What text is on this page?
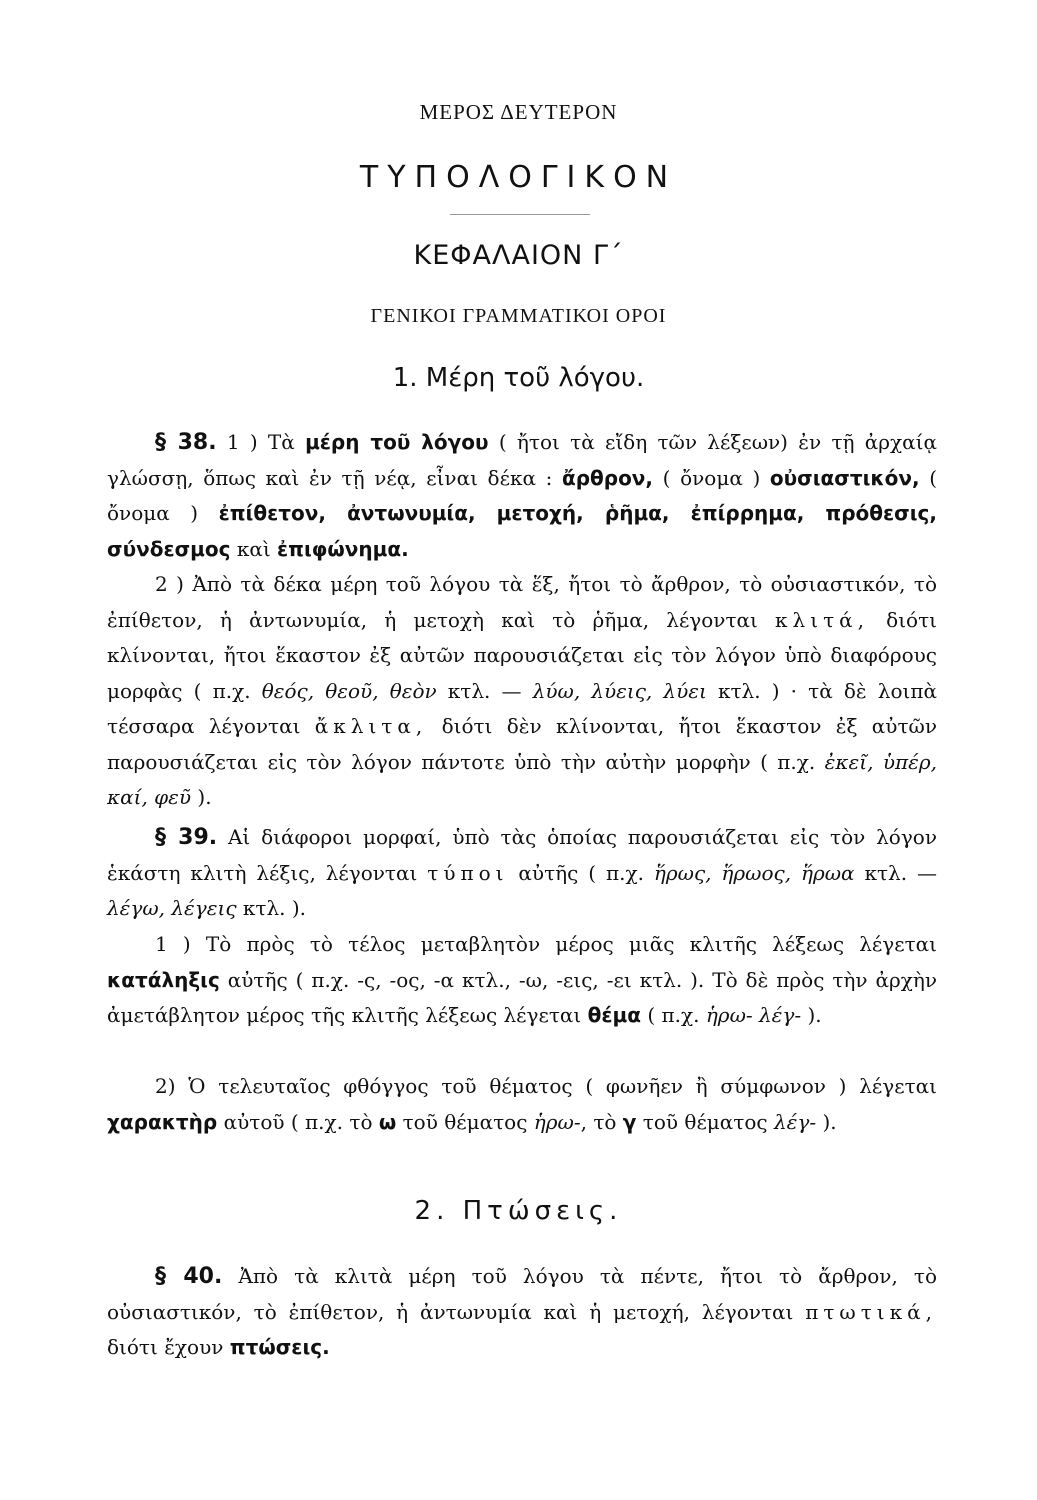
ΜΕΡΟΣ ΔΕΥΤΕΡΟΝ
ΤΥΠΟΛΟΓΙΚΟΝ
ΚΕΦΑΛΑΙΟΝ Γ΄
ΓΕΝΙΚΟΙ ΓΡΑΜΜΑΤΙΚΟΙ ΟΡΟΙ
1. Μέρη τοῦ λόγου.

§ 38. 1 ) Τὰ μέρη τοῦ λόγου ( ἤτοι τὰ εἴδη τῶν λέξεων) ἐν τῇ ἀρχαίᾳ γλώσσῃ, ὅπως καὶ ἐν τῇ νέᾳ, εἶναι δέκα : ἄρθρον, ( ὄνομα ) οὐσιαστικόν, ( ὄνομα ) ἐπίθετον, ἀντωνυμία, μετοχή, ῥῆμα, ἐπίρρημα, πρόθεσις, σύνδεσμος καὶ ἐπιφώνημα.

2 ) Ἀπὸ τὰ δέκα μέρη τοῦ λόγου τὰ ἕξ, ἤτοι τὸ ἄρθρον, τὸ οὐσιαστικόν, τὸ ἐπίθετον, ἡ ἀντωνυμία, ἡ μετοχὴ καὶ τὸ ῥῆμα, λέγονται κλιτά, διότι κλίνονται, ἤτοι ἕκαστον ἐξ αὐτῶν παρουσιάζεται εἰς τὸν λόγον ὑπὸ διαφόρους μορφὰς ( π.χ. θεός, θεοῦ, θεὸν κτλ. — λύω, λύεις, λύει κτλ. ) · τὰ δὲ λοιπὰ τέσσαρα λέγονται ἄκλιτα, διότι δὲν κλίνονται, ἤτοι ἕκαστον ἐξ αὐτῶν παρουσιάζεται εἰς τὸν λόγον πάντοτε ὑπὸ τὴν αὐτὴν μορφὴν ( π.χ. ἐκεῖ, ὑπέρ, καί, φεῦ ).

§ 39. Αἱ διάφοροι μορφαί, ὑπὸ τὰς ὁποίας παρουσιάζεται εἰς τὸν λόγον ἑκάστη κλιτὴ λέξις, λέγονται τύποι αὐτῆς ( π.χ. ἥρως, ἥρωος, ἥρωα κτλ. — λέγω, λέγεις κτλ. ).

1 ) Τὸ πρὸς τὸ τέλος μεταβλητὸν μέρος μιᾶς κλιτῆς λέξεως λέγεται κατάληξις αὐτῆς ( π.χ. -ς, -ος, -α κτλ., -ω, -εις, -ει κτλ. ). Τὸ δὲ πρὸς τὴν ἀρχὴν ἀμετάβλητον μέρος τῆς κλιτῆς λέξεως λέγεται θέμα ( π.χ. ἡρω- λέγ- ).

2) Ὁ τελευταῖος φθόγγος τοῦ θέματος ( φωνῆεν ἢ σύμφωνον ) λέγεται χαρακτὴρ αὐτοῦ ( π.χ. τὸ ω τοῦ θέματος ἡρω-, τὸ γ τοῦ θέματος λέγ- ).

2. Πτώσεις.

§ 40. Ἀπὸ τὰ κλιτὰ μέρη τοῦ λόγου τὰ πέντε, ἤτοι τὸ ἄρθρον, τὸ οὐσιαστικόν, τὸ ἐπίθετον, ἡ ἀντωνυμία καὶ ἡ μετοχή, λέγονται πτωτικά, διότι ἔχουν πτώσεις.
